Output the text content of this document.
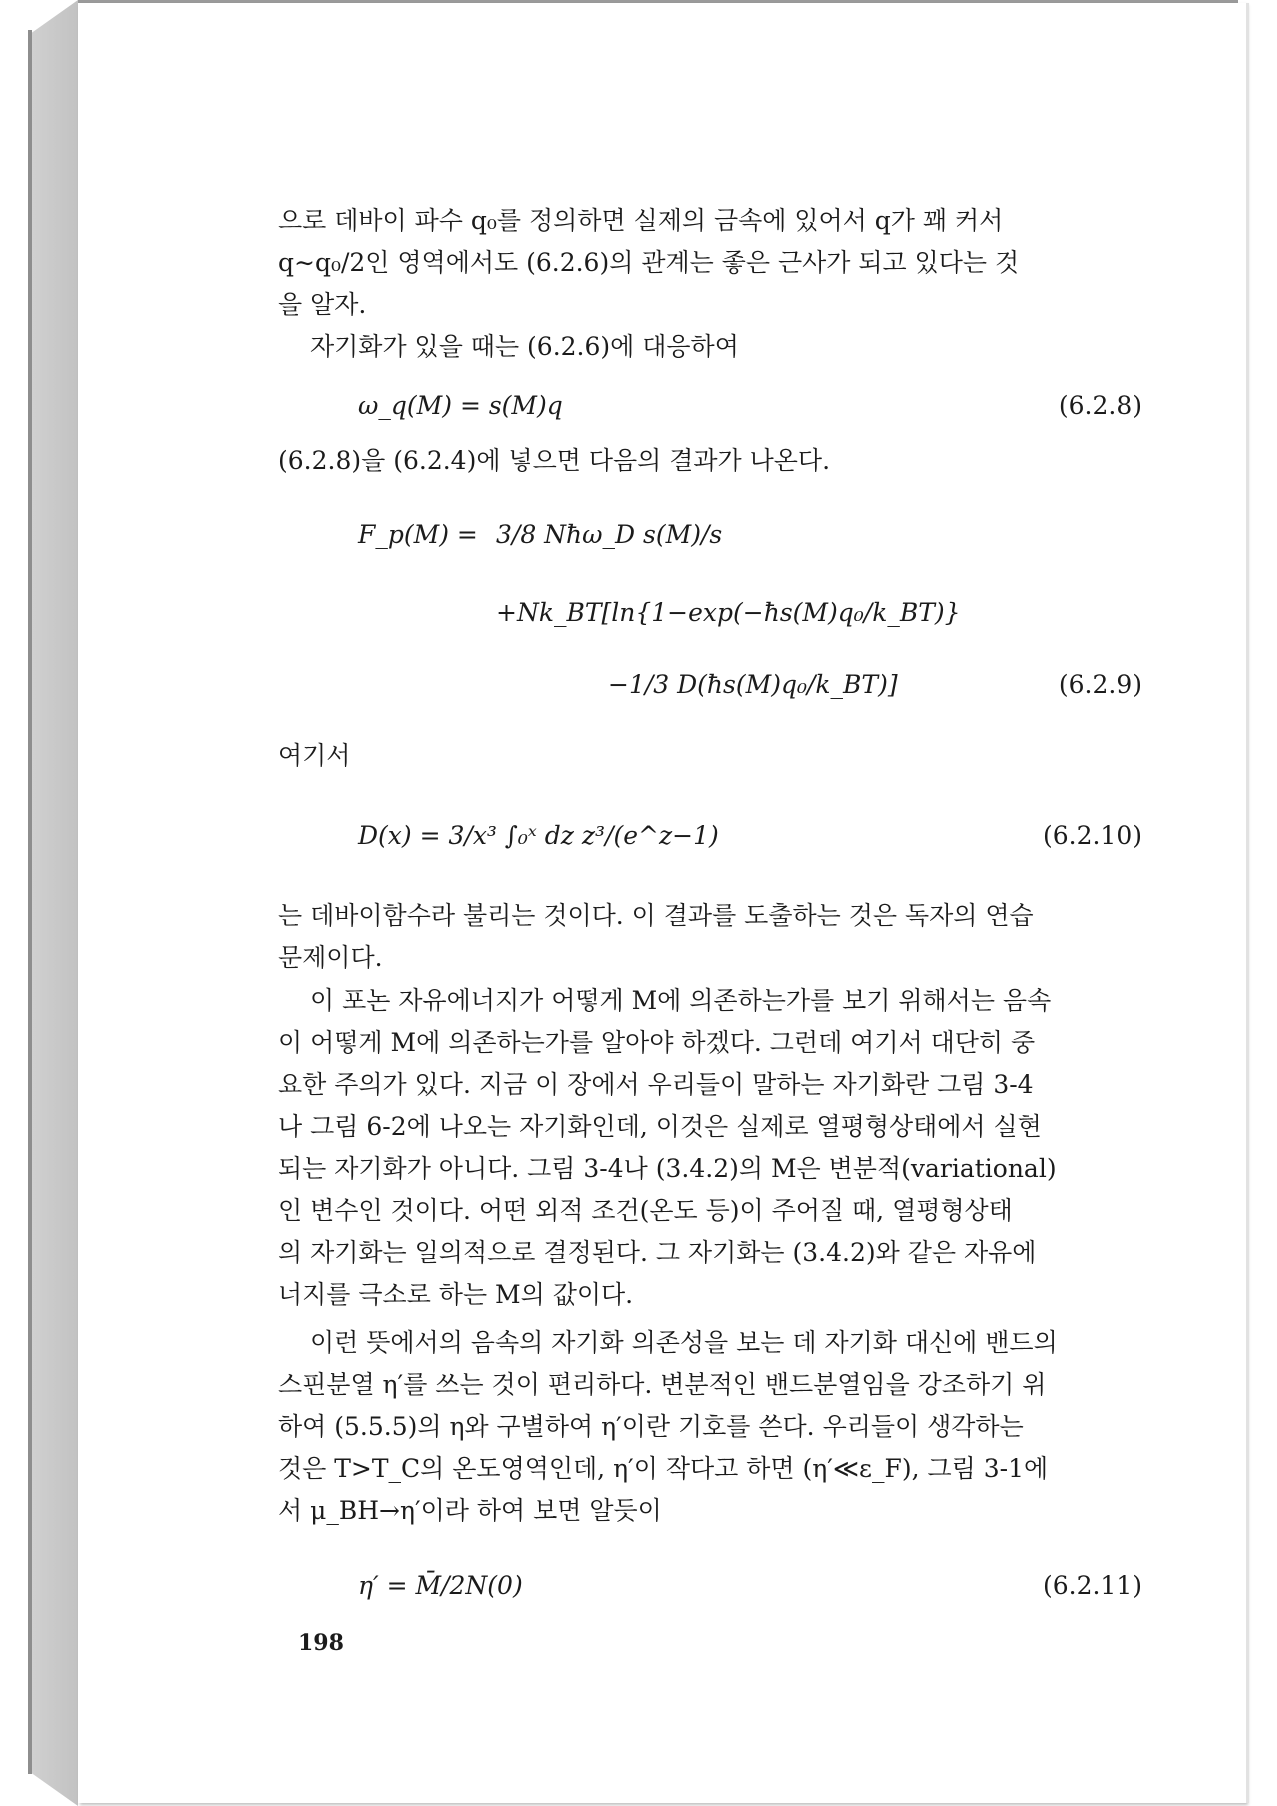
으로 데바이 파수 q₀를 정의하면 실제의 금속에 있어서 q가 꽤 커서
q∼q₀/2인 영역에서도 (6.2.6)의 관계는 좋은 근사가 되고 있다는 것
을 알자.
자기화가 있을 때는 (6.2.6)에 대응하여
ω_q(M) = s(M)q	(6.2.8)
(6.2.8)을 (6.2.4)에 넣으면 다음의 결과가 나온다.
F_p(M) = 3/8 Nħω_D s(M)/s
+Nk_BT[ln{1−exp(−ħs(M)q₀/k_BT)}
−1/3 D(ħs(M)q₀/k_BT)]	(6.2.9)
여기서
D(x) = 3/x³ ∫₀ˣ dz z³/(e^z−1)	(6.2.10)
는 데바이함수라 불리는 것이다. 이 결과를 도출하는 것은 독자의 연습
문제이다.
이 포논 자유에너지가 어떻게 M에 의존하는가를 보기 위해서는 음속
이 어떻게 M에 의존하는가를 알아야 하겠다. 그런데 여기서 대단히 중
요한 주의가 있다. 지금 이 장에서 우리들이 말하는 자기화란 그림 3-4
나 그림 6-2에 나오는 자기화인데, 이것은 실제로 열평형상태에서 실현
되는 자기화가 아니다. 그림 3-4나 (3.4.2)의 M은 변분적(variational)
인 변수인 것이다. 어떤 외적 조건(온도 등)이 주어질 때, 열평형상태
의 자기화는 일의적으로 결정된다. 그 자기화는 (3.4.2)와 같은 자유에
너지를 극소로 하는 M의 값이다.
이런 뜻에서의 음속의 자기화 의존성을 보는 데 자기화 대신에 밴드의
스핀분열 η′를 쓰는 것이 편리하다. 변분적인 밴드분열임을 강조하기 위
하여 (5.5.5)의 η와 구별하여 η′이란 기호를 쓴다. 우리들이 생각하는
것은 T>T_C의 온도영역인데, η′이 작다고 하면 (η′≪ε_F), 그림 3-1에
서 μ_BH→η′이라 하여 보면 알듯이
η′ = M̄/2N(0)	(6.2.11)
198
